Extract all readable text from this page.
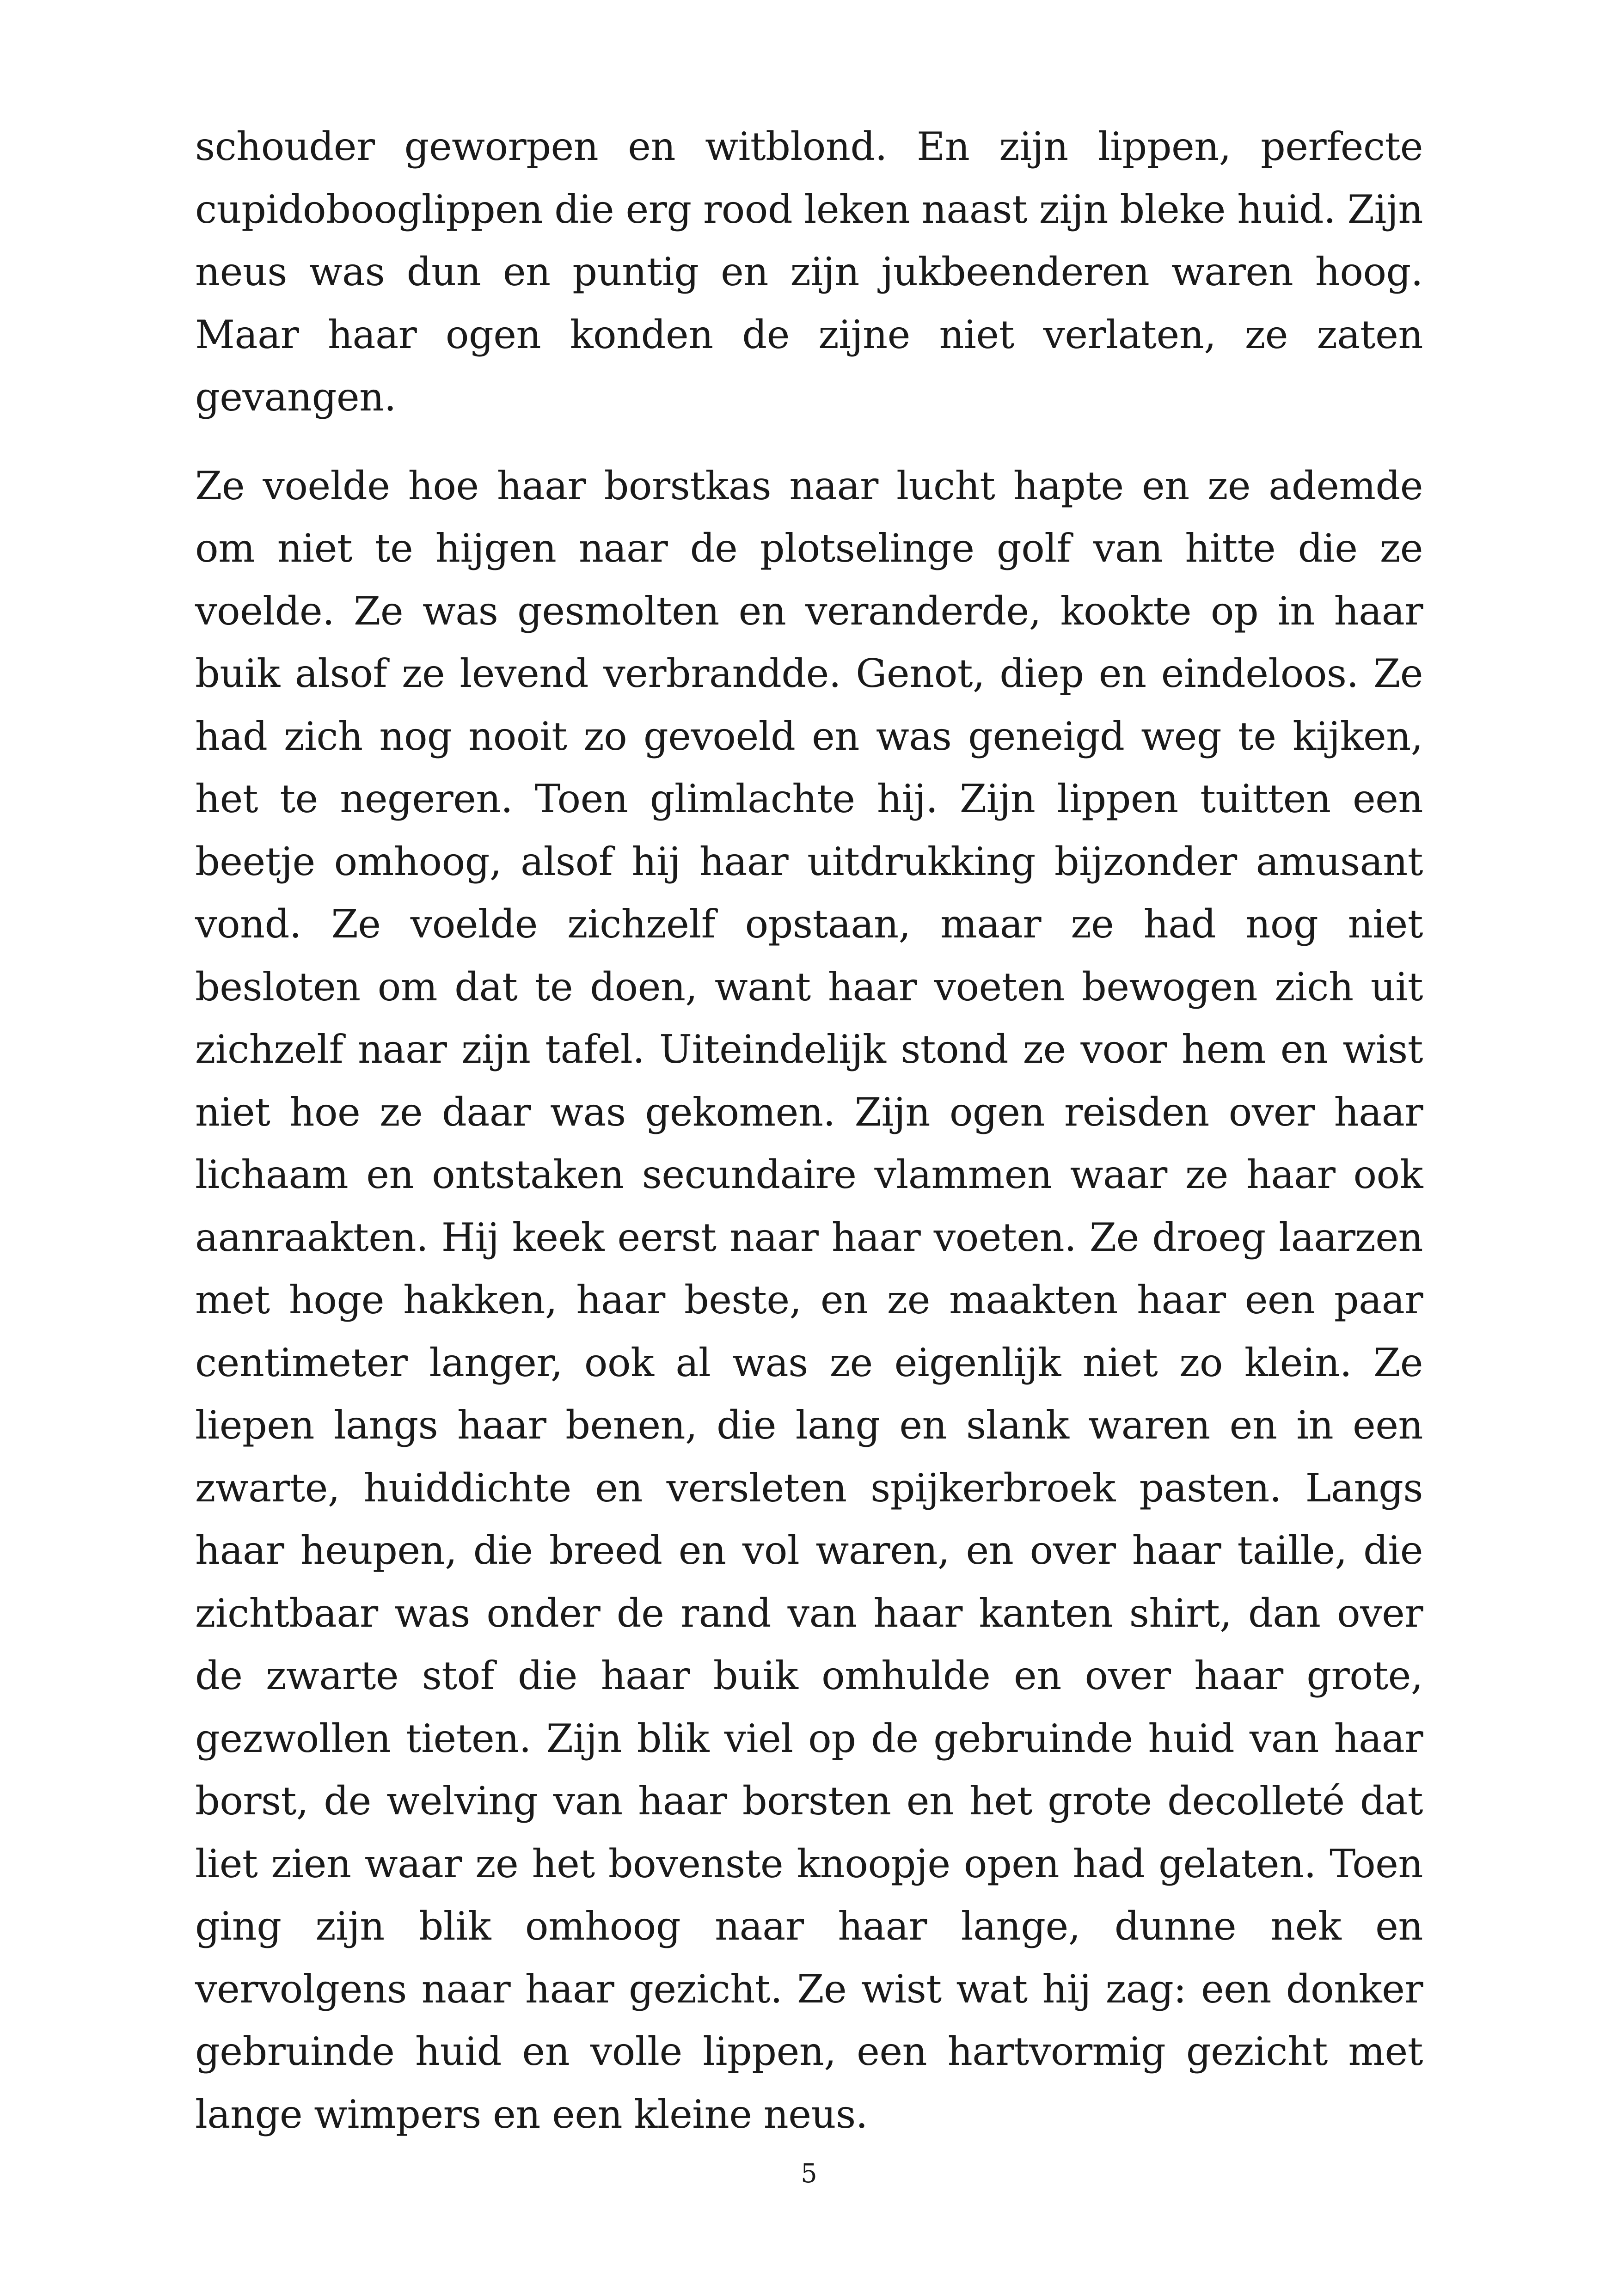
schouder geworpen en witblond. En zijn lippen, perfecte cupidobooglippen die erg rood leken naast zijn bleke huid. Zijn neus was dun en puntig en zijn jukbeenderen waren hoog. Maar haar ogen konden de zijne niet verlaten, ze zaten gevangen.

Ze voelde hoe haar borstkas naar lucht hapte en ze ademde om niet te hijgen naar de plotselinge golf van hitte die ze voelde. Ze was gesmolten en veranderde, kookte op in haar buik alsof ze levend verbrandde. Genot, diep en eindeloos. Ze had zich nog nooit zo gevoeld en was geneigd weg te kijken, het te negeren. Toen glimlachte hij. Zijn lippen tuitten een beetje omhoog, alsof hij haar uitdrukking bijzonder amusant vond. Ze voelde zichzelf opstaan, maar ze had nog niet besloten om dat te doen, want haar voeten bewogen zich uit zichzelf naar zijn tafel. Uiteindelijk stond ze voor hem en wist niet hoe ze daar was gekomen. Zijn ogen reisden over haar lichaam en ontstaken secundaire vlammen waar ze haar ook aanraakten. Hij keek eerst naar haar voeten. Ze droeg laarzen met hoge hakken, haar beste, en ze maakten haar een paar centimeter langer, ook al was ze eigenlijk niet zo klein. Ze liepen langs haar benen, die lang en slank waren en in een zwarte, huiddichte en versleten spijkerbroek pasten. Langs haar heupen, die breed en vol waren, en over haar taille, die zichtbaar was onder de rand van haar kanten shirt, dan over de zwarte stof die haar buik omhulde en over haar grote, gezwollen tieten. Zijn blik viel op de gebruinde huid van haar borst, de welving van haar borsten en het grote decolleté dat liet zien waar ze het bovenste knoopje open had gelaten. Toen ging zijn blik omhoog naar haar lange, dunne nek en vervolgens naar haar gezicht. Ze wist wat hij zag: een donker gebruinde huid en volle lippen, een hartvormig gezicht met lange wimpers en een kleine neus.

5
